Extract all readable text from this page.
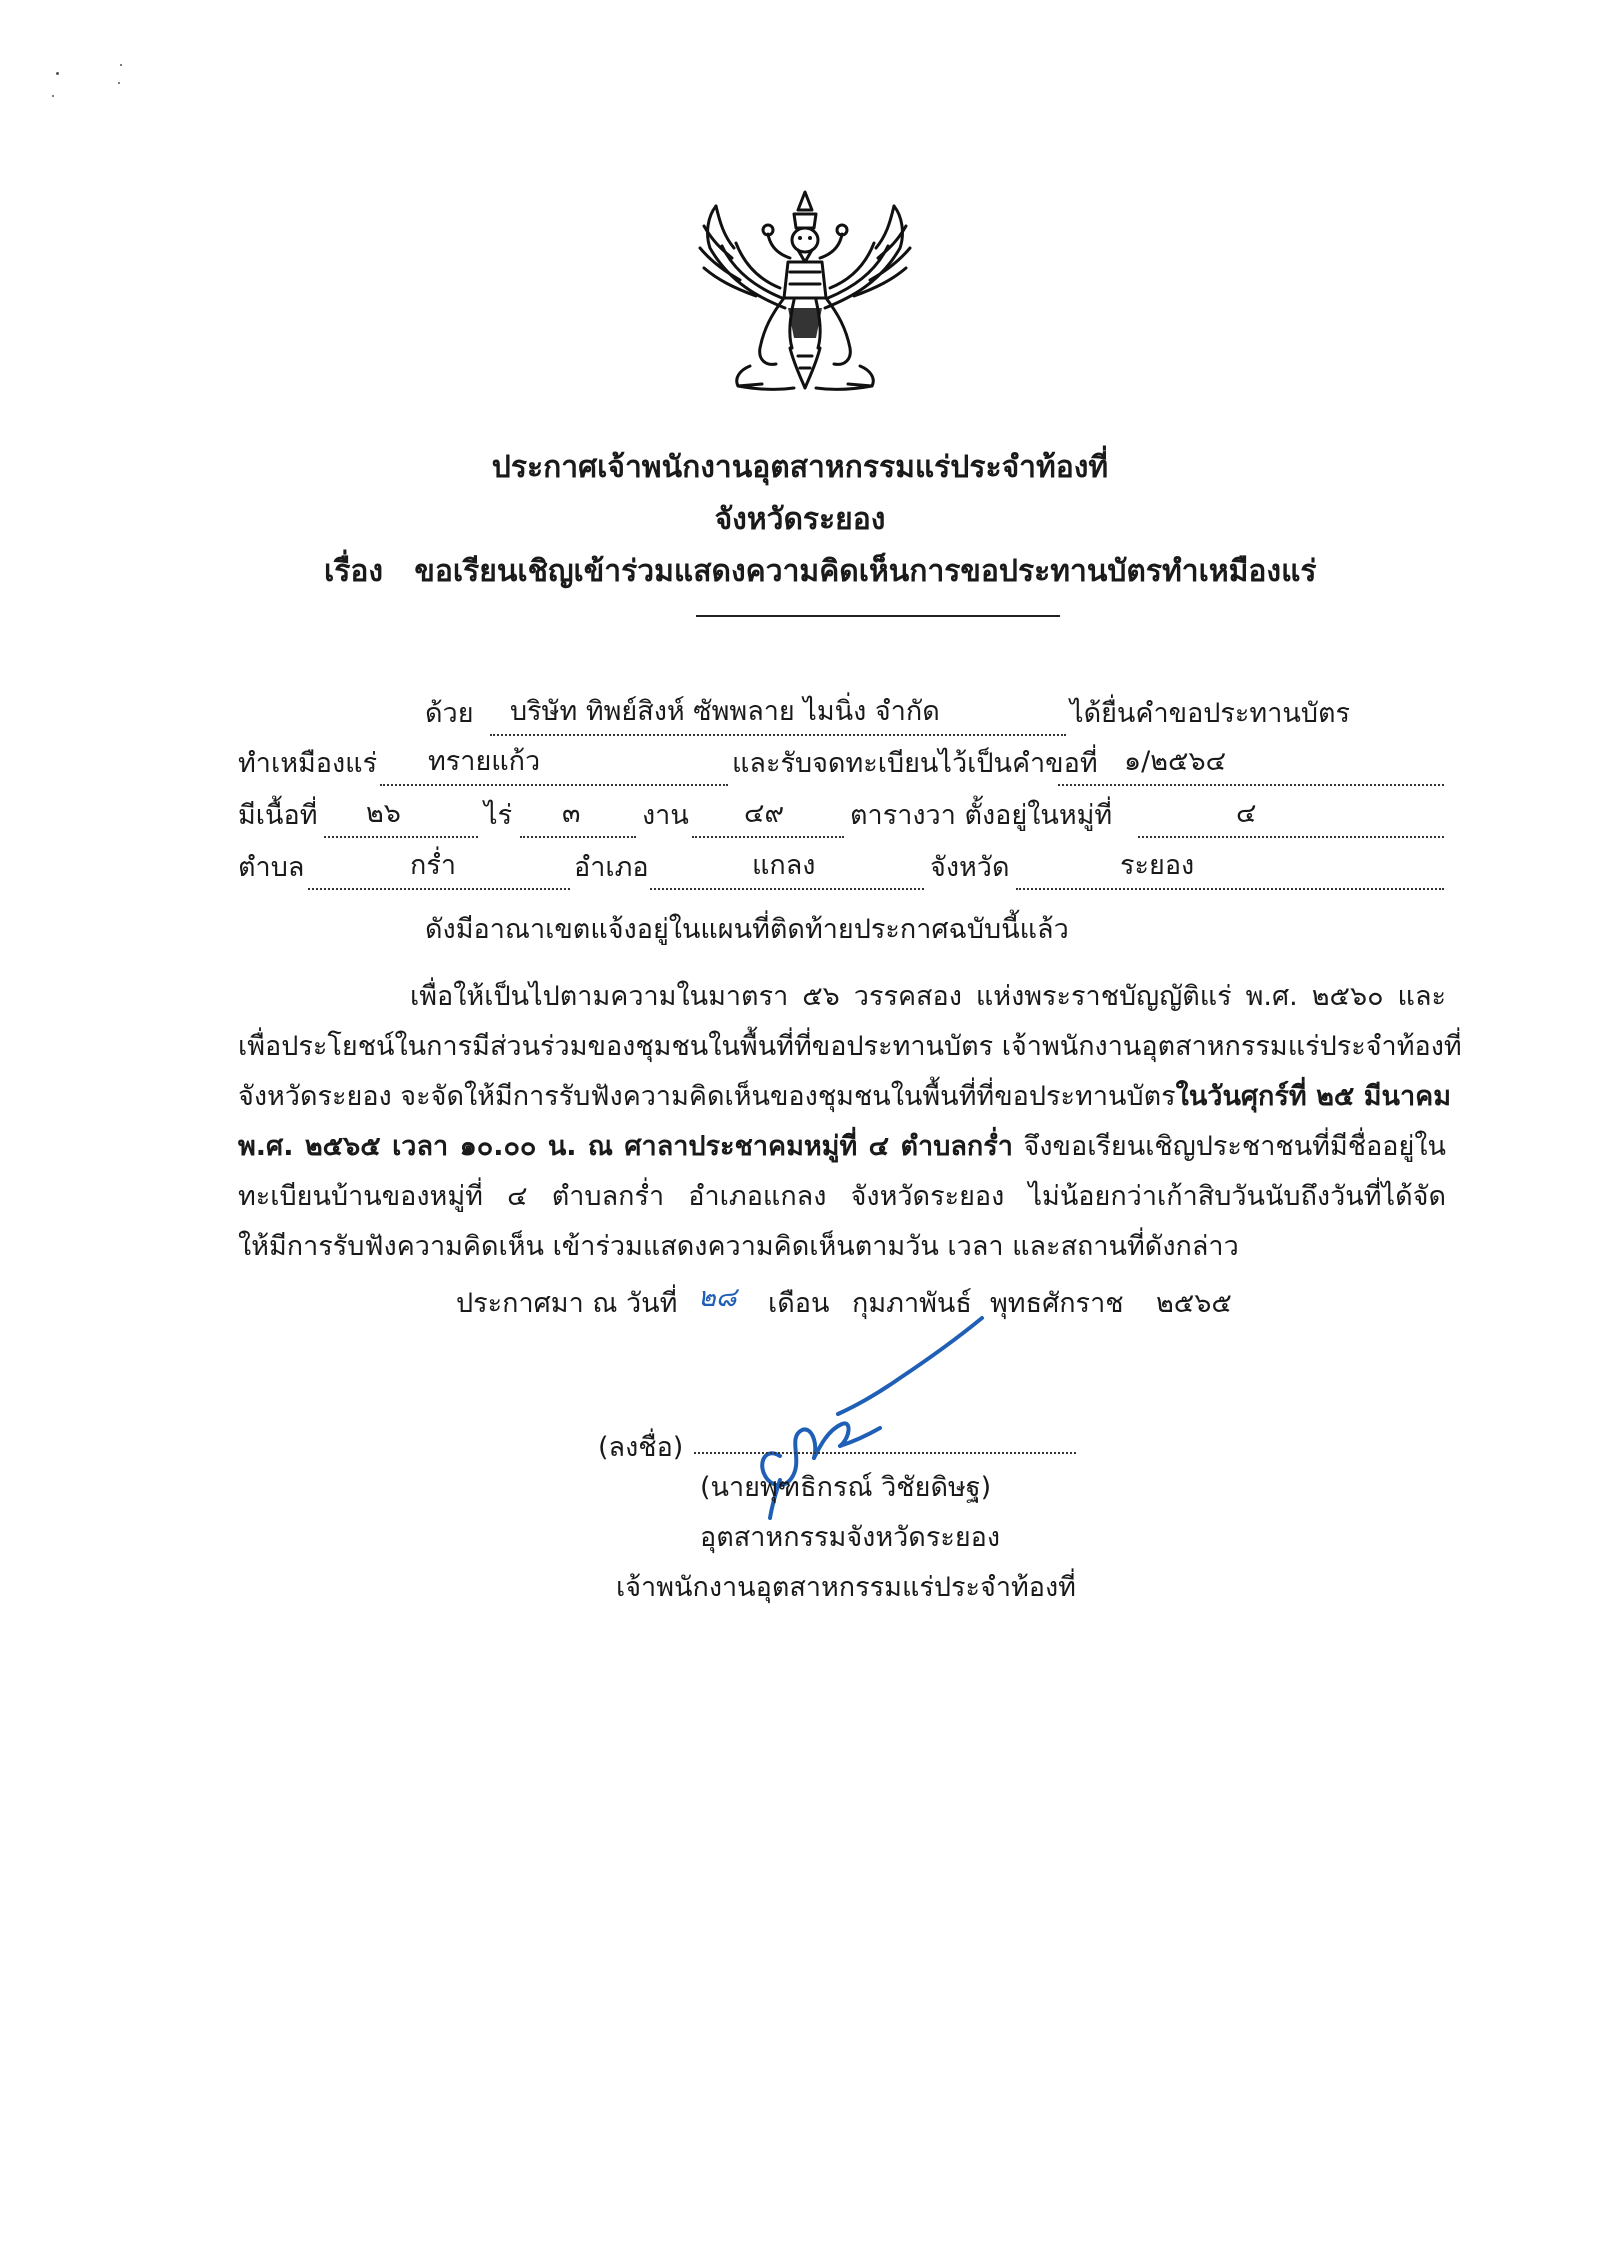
ประกาศเจ้าพนักงานอุตสาหกรรมแร่ประจำท้องที่
จังหวัดระยอง
เรื่อง ขอเรียนเชิญเข้าร่วมแสดงความคิดเห็นการขอประทานบัตรทำเหมืองแร่
ด้วย บริษัท ทิพย์สิงห์ ซัพพลาย ไมนิ่ง จำกัด	ได้ยื่นคำขอประทานบัตร
ทำเหมืองแร่ ทรายแก้ว	และรับจดทะเบียนไว้เป็นคำขอที่ ๑/๒๕๖๔
มีเนื้อที่ ๒๖	ไร่ ๓ งาน ๔๙ ตารางวา ตั้งอยู่ในหมู่ที่	๔
ตำบล	กร่ำ	อำเภอ	แกลง	จังหวัด	ระยอง
ดังมีอาณาเขตแจ้งอยู่ในแผนที่ติดท้ายประกาศฉบับนี้แล้ว
เพื่อให้เป็นไปตามความในมาตรา ๕๖ วรรคสอง แห่งพระราชบัญญัติแร่ พ.ศ. ๒๕๖๐ และ
เพื่อประโยชน์ในการมีส่วนร่วมของชุมชนในพื้นที่ที่ขอประทานบัตร เจ้าพนักงานอุตสาหกรรมแร่ประจำท้องที่
จังหวัดระยอง จะจัดให้มีการรับฟังความคิดเห็นของชุมชนในพื้นที่ที่ขอประทานบัตรในวันศุกร์ที่ ๒๕ มีนาคม
พ.ศ. ๒๕๖๕ เวลา ๑๐.๐๐ น. ณ ศาลาประชาคมหมู่ที่ ๔ ตำบลกร่ำ จึงขอเรียนเชิญประชาชนที่มีชื่ออยู่ใน
ทะเบียนบ้านของหมู่ที่ ๔ ตำบลกร่ำ อำเภอแกลง จังหวัดระยอง ไม่น้อยกว่าเก้าสิบวันนับถึงวันที่ได้จัด
ให้มีการรับฟังความคิดเห็น เข้าร่วมแสดงความคิดเห็นตามวัน เวลา และสถานที่ดังกล่าว
ประกาศมา ณ วันที่ ๒๘ เดือน กุมภาพันธ์ พุทธศักราช ๒๕๖๕
(ลงชื่อ)
(นายพุฑธิกรณ์ วิชัยดิษฐ)
อุตสาหกรรมจังหวัดระยอง
เจ้าพนักงานอุตสาหกรรมแร่ประจำท้องที่
